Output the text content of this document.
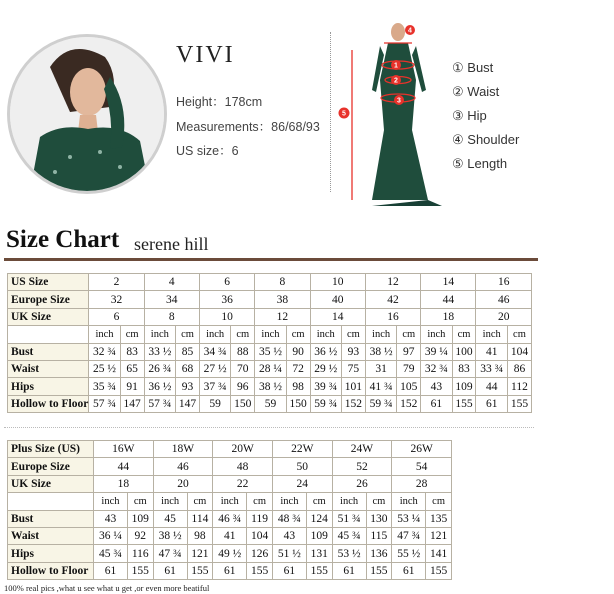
VIVI
Height：178cm
Measurements：86/68/93
US size：6
1
2
3
4
5
① Bust
② Waist
③ Hip
④ Shoulder
⑤ Length
Size Chart serene hill
US Size	2		4		6		8		10		12		14		16	
Europe Size	32		34		36		38		40		42		44		46	
UK Size	6		8		10		12		14		16		18		20	
	inch	cm	inch	cm	inch	cm	inch	cm	inch	cm	inch	cm	inch	cm	inch	cm
Bust	32 ¾	83	33 ½	85	34 ¾	88	35 ½	90	36 ½	93	38 ½	97	39 ¼	100	41	104
Waist	25 ½	65	26 ¾	68	27 ½	70	28 ¼	72	29 ½	75	31	79	32 ¾	83	33 ¾	86
Hips	35 ¾	91	36 ½	93	37 ¾	96	38 ½	98	39 ¾	101	41 ¾	105	43	109	44	112
Hollow to Floor	57 ¾	147	57 ¾	147	59	150	59	150	59 ¾	152	59 ¾	152	61	155	61	155
Plus Size (US)	16W		18W		20W		22W		24W		26W	
Europe Size	44		46		48		50		52		54	
UK Size	18		20		22		24		26		28	
	inch	cm	inch	cm	inch	cm	inch	cm	inch	cm	inch	cm
Bust	43	109	45	114	46 ¾	119	48 ¾	124	51 ¾	130	53 ¼	135
Waist	36 ¼	92	38 ½	98	41	104	43	109	45 ¾	115	47 ¾	121
Hips	45 ¾	116	47 ¾	121	49 ½	126	51 ½	131	53 ½	136	55 ½	141
Hollow to Floor	61	155	61	155	61	155	61	155	61	155	61	155
100% real pics ,what u see what u get ,or even more beatiful
